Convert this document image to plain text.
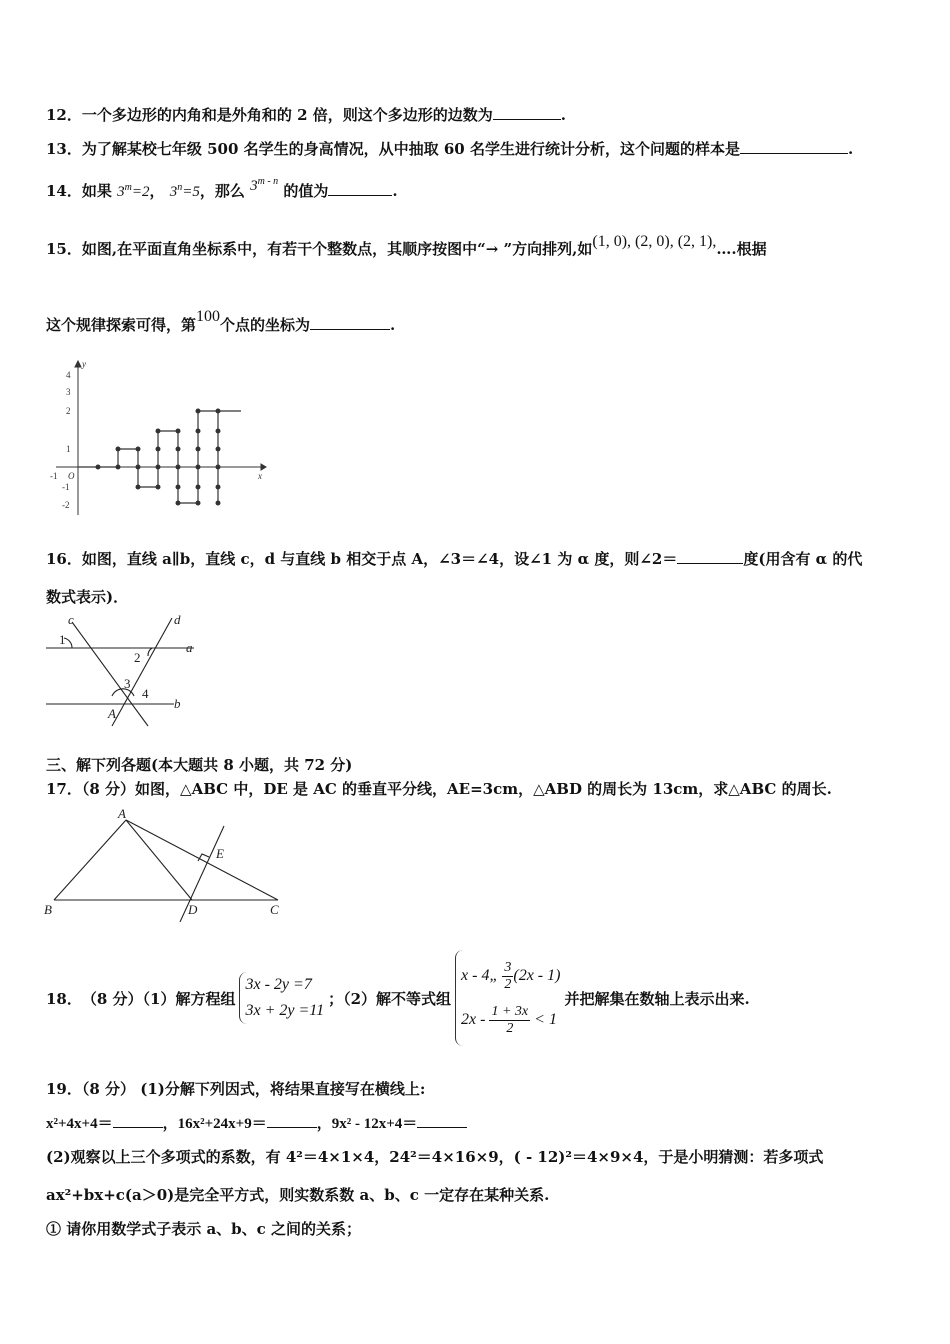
12．一个多边形的内角和是外角和的 2 倍，则这个多边形的边数为	.
13．为了解某校七年级 500 名学生的身高情况，从中抽取 60 名学生进行统计分析，这个问题的样本是	.
14．如果 $3^m=2$， $3^n=5$，那么 3$^{m - n}$ 的值为	.
15．如图,在平面直角坐标系中，有若干个整数点，其顺序按图中“→ ”方向排列,如(1, 0), (2, 0), (2, 1),….根据
这个规律探索可得，第100个点的坐标为	.
y
x
O
-1
4
3
2
1
-1
-2
16．如图，直线 a∥b，直线 c，d 与直线 b 相交于点 A，∠3＝∠4，设∠1 为 α 度，则∠2＝	度(用含有 α 的代
数式表示)．
c	d
a
b
1
2
3
4
A
三、解下列各题(本大题共 8 小题，共 72 分)
17．（8 分）如图，△ABC 中，DE 是 AC 的垂直平分线，AE=3cm，△ABD 的周长为 13cm，求△ABC 的周长.
A
B	C
D
E
18．（8 分）（1）解方程组
3x - 2y =7
3x + 2y =11
；（2）解不等式组
x - 4„ $\frac{3}{2} (2x - 1)$
$2x - \frac{1 + 3x}{2} < 1$
并把解集在数轴上表示出来.
19．（8 分） (1)分解下列因式，将结果直接写在横线上:
x²+4x+4＝	，16x²+24x+9＝	，9x² - 12x+4＝
(2)观察以上三个多项式的系数，有 4²＝4×1×4，24²＝4×16×9，( - 12)²＝4×9×4，于是小明猜测：若多项式
ax²+bx+c(a＞0)是完全平方式，则实数系数 a、b、c 一定存在某种关系.
① 请你用数学式子表示 a、b、c 之间的关系；
